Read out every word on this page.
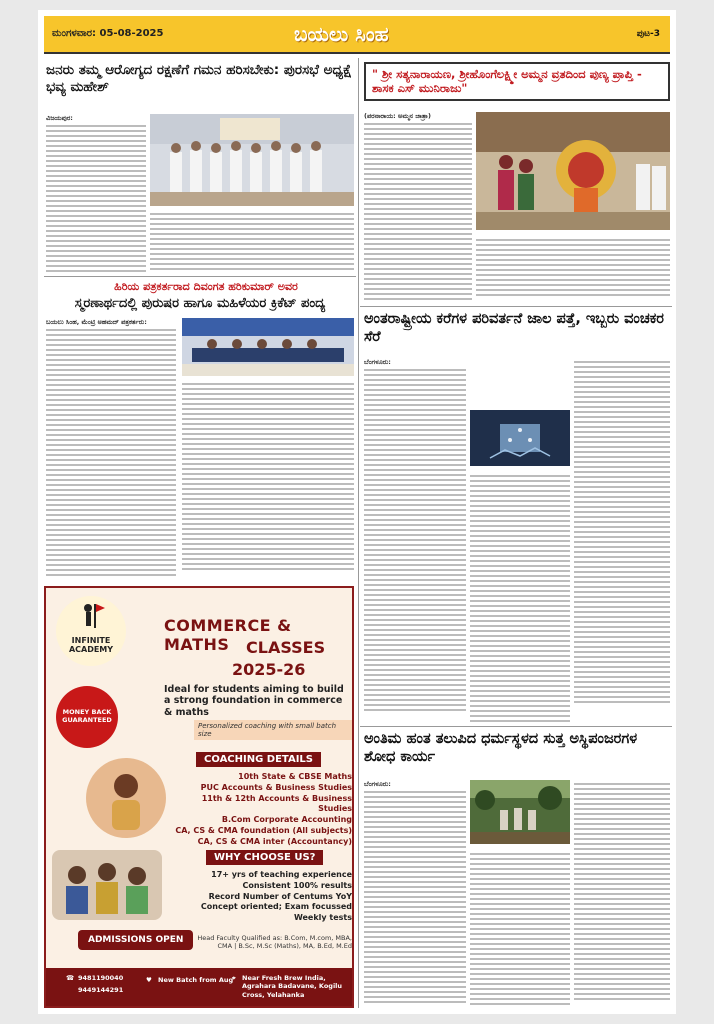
ಮಂಗಳವಾರ: 05-08-2025	ಬಯಲು ಸಿಂಹ	ಪುಟ-3
ಜನರು ತಮ್ಮ ಆರೋಗ್ಯದ ರಕ್ಷಣೆಗೆ ಗಮನ ಹರಿಸಬೇಕು: ಪುರಸಭೆ ಅಧ್ಯಕ್ಷೆ ಭವ್ಯ ಮಹೇಶ್
ವಿಜಯಪುರ:
ಹಿರಿಯ ಪತ್ರಕರ್ತರಾದ ದಿವಂಗತ ಹರಿಕುಮಾರ್ ಅವರ
ಸ್ಮರಣಾರ್ಥದಲ್ಲಿ ಪುರುಷರ ಹಾಗೂ ಮಹಿಳೆಯರ ಕ್ರಿಕೆಟ್ ಪಂದ್ಯ
ಬಯಲು ಸಿಂಹ, ಮೆಂಟ್ರಿ ಅಹಮದ್ ಪತ್ರಕರ್ತರು:
INFINITE ACADEMY
COMMERCE & MATHS	CLASSES
2025-26
Ideal for students aiming to build a strong foundation in commerce & maths
Personalized coaching with small batch size
MONEY BACK GUARANTEED
COACHING DETAILS
10th State & CBSE Maths
PUC Accounts & Business Studies
11th & 12th Accounts & Business Studies
B.Com Corporate Accounting
CA, CS & CMA foundation (All subjects)
CA, CS & CMA inter (Accountancy)
WHY CHOOSE US?
17+ yrs of teaching experience
Consistent 100% results
Record Number of Centums YoY
Concept oriented; Exam focussed
Weekly tests
ADMISSIONS OPEN	Head Faculty Qualified as: B.Com, M.com, MBA, CMA | B.Sc, M.Sc (Maths), MA, B.Ed, M.Ed
☎ 9481190040
9449144291
♥ New Batch from Aug
⌖ Near Fresh Brew India, Agrahara Badavane, Kogilu Cross, Yelahanka
" ಶ್ರೀ ಸತ್ಯನಾರಾಯಣ, ಶ್ರೀಹೊಂಗೆಲಕ್ಷ್ಮೀ ಅಮ್ಮನ ವ್ರತದಿಂದ ಪುಣ್ಯ ಪ್ರಾಪ್ತಿ - ಶಾಸಕ ಎಸ್ ಮುನಿರಾಜು"
(ಪರನಾರಾಯ: ಅಮ್ಮನ ಜಾತ್ರಾ)
ಅಂತರಾಷ್ಟ್ರೀಯ ಕರೆಗಳ ಪರಿವರ್ತನೆ ಜಾಲ ಪತ್ತೆ, ಇಬ್ಬರು ವಂಚಕರ ಸೆರೆ
ಬೆಂಗಳೂರು:
ಅಂತಿಮ ಹಂತ ತಲುಪಿದ ಧರ್ಮಸ್ಥಳದ ಸುತ್ತ ಅಸ್ಥಿಪಂಜರಗಳ ಶೋಧ ಕಾರ್ಯ
ಬೆಂಗಳೂರು:
